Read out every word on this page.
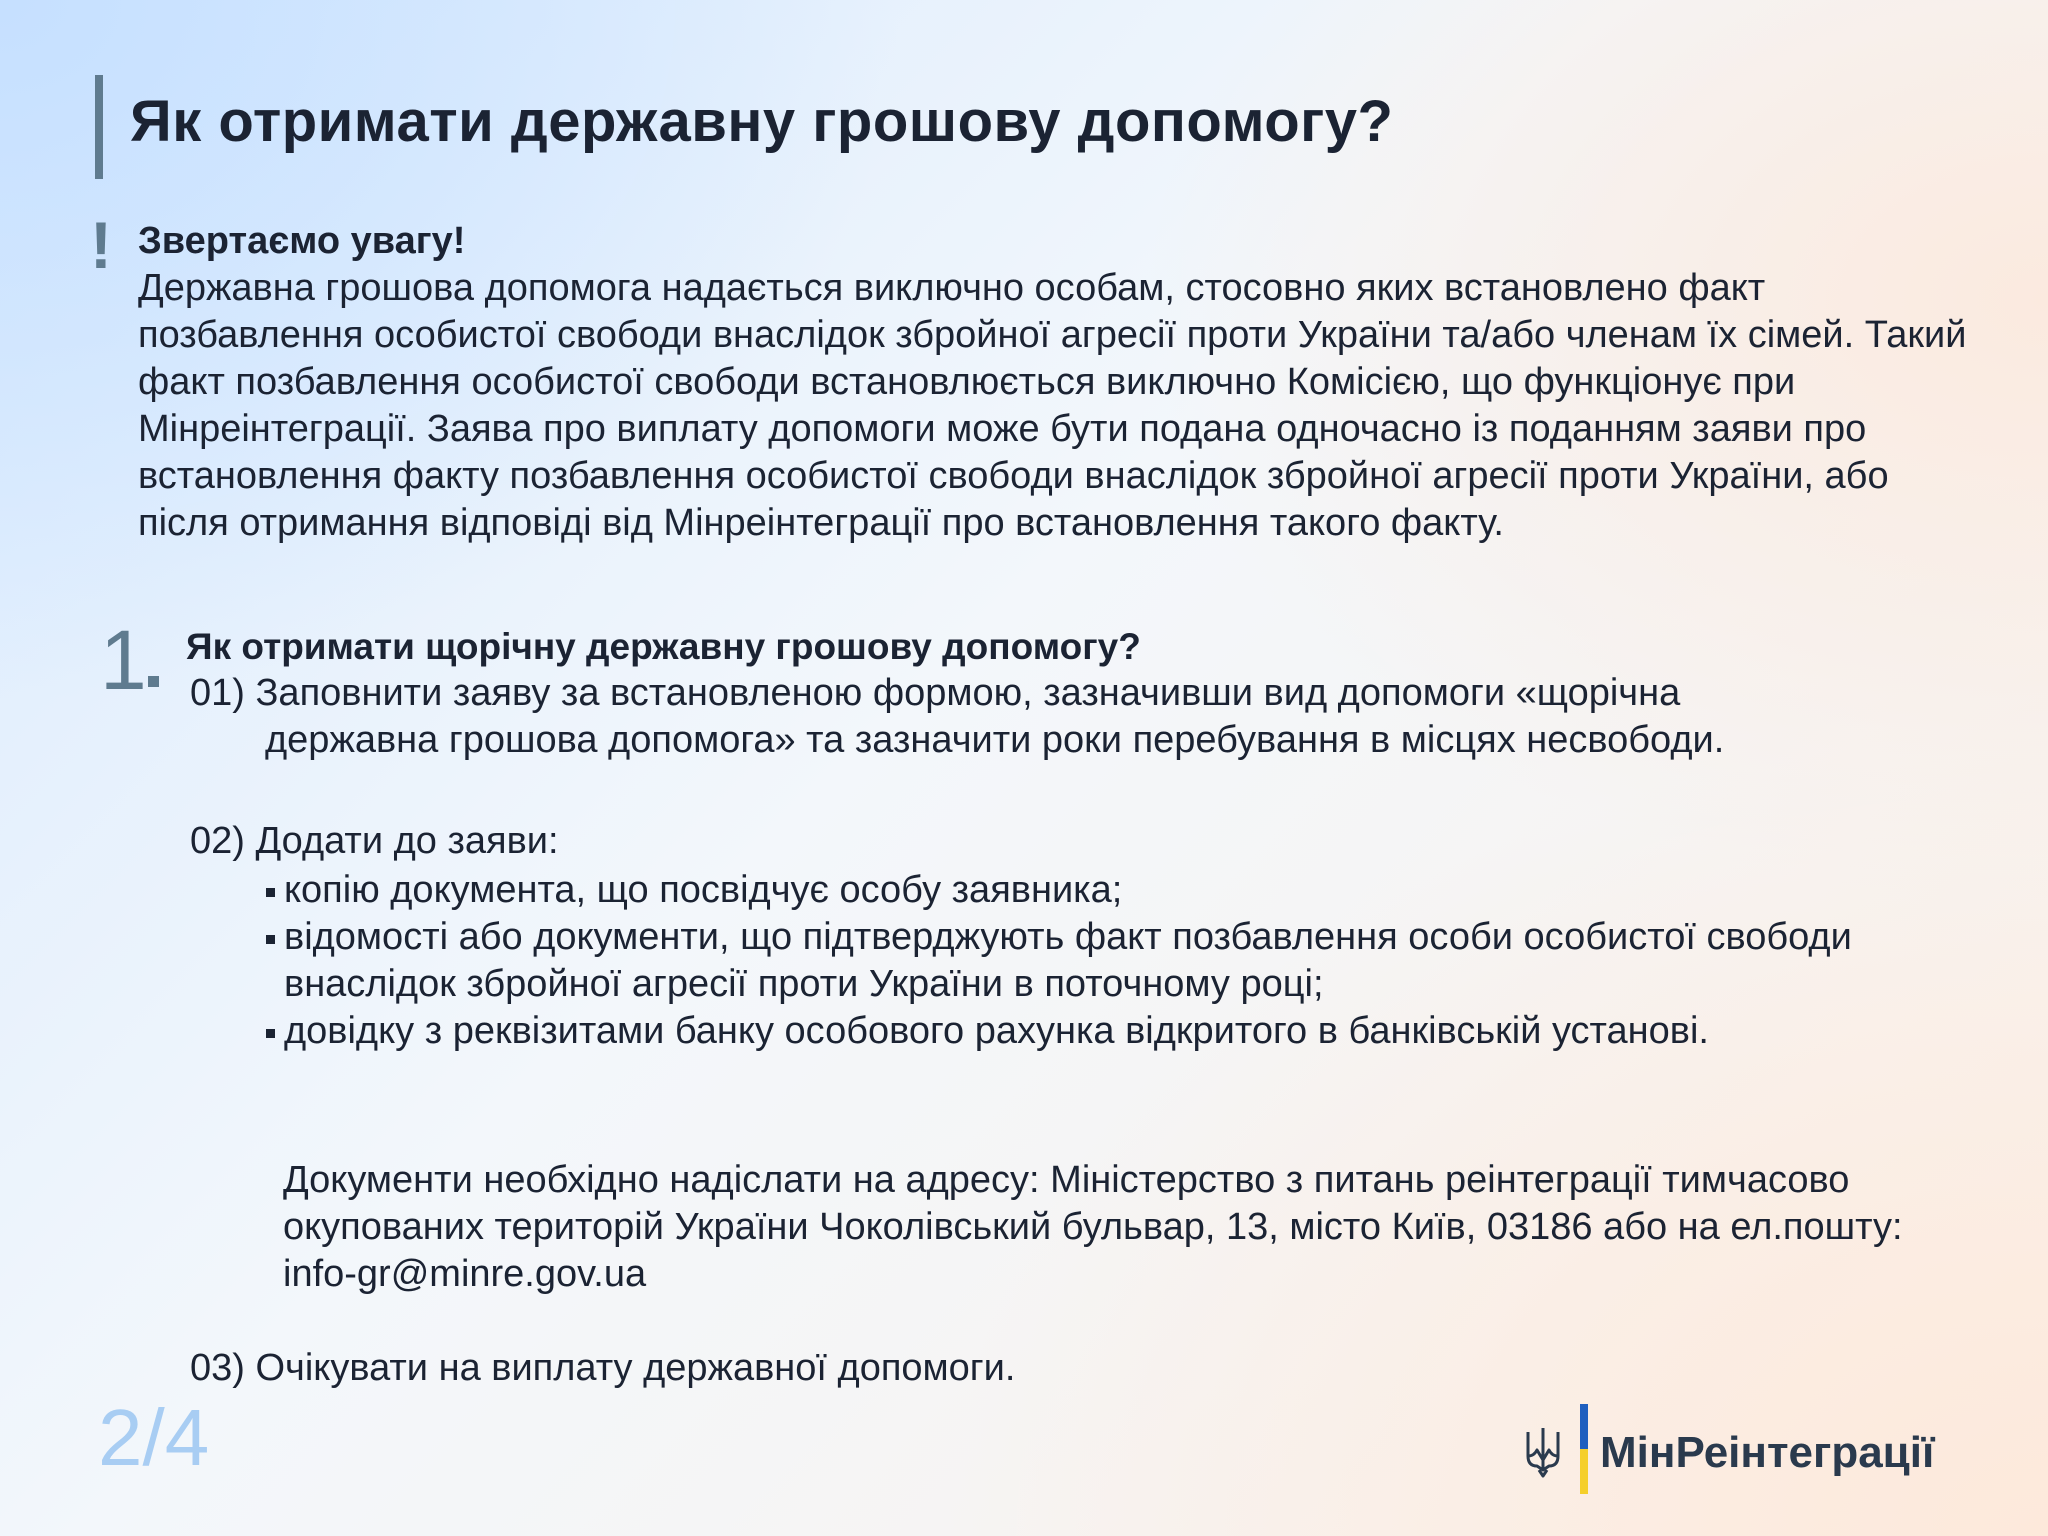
Як отримати державну грошову допомогу?
! Звертаємо увагу!

Державна грошова допомога надається виключно особам, стосовно яких встановлено факт позбавлення особистої свободи внаслідок збройної агресії проти України та/або членам їх сімей. Такий факт позбавлення особистої свободи встановлюється виключно Комісією, що функціонує при Мінреінтеграції. Заява про виплату допомоги може бути подана одночасно із поданням заяви про встановлення факту позбавлення особистої свободи внаслідок збройної агресії проти України, або після отримання відповіді від Мінреінтеграції про встановлення такого факту.

1 Як отримати щорічну державну грошову допомогу?

01) Заповнити заяву за встановленою формою, зазначивши вид допомоги «щорічна
державна грошова допомога» та зазначити роки перебування в місцях несвободи.

02) Додати до заяви:

копію документа, що посвідчує особу заявника;
відомості або документи, що підтверджують факт позбавлення особи особистої свободи внаслідок збройної агресії проти України в поточному році;
довідку з реквізитами банку особового рахунка відкритого в банківській установі.

Документи необхідно надіслати на адресу: Міністерство з питань реінтеграції тимчасово окупованих територій України Чоколівський бульвар, 13, місто Київ, 03186 або на ел.пошту: info-gr@minre.gov.ua

03) Очікувати на виплату державної допомоги.

2/4	МінРеінтеграції
